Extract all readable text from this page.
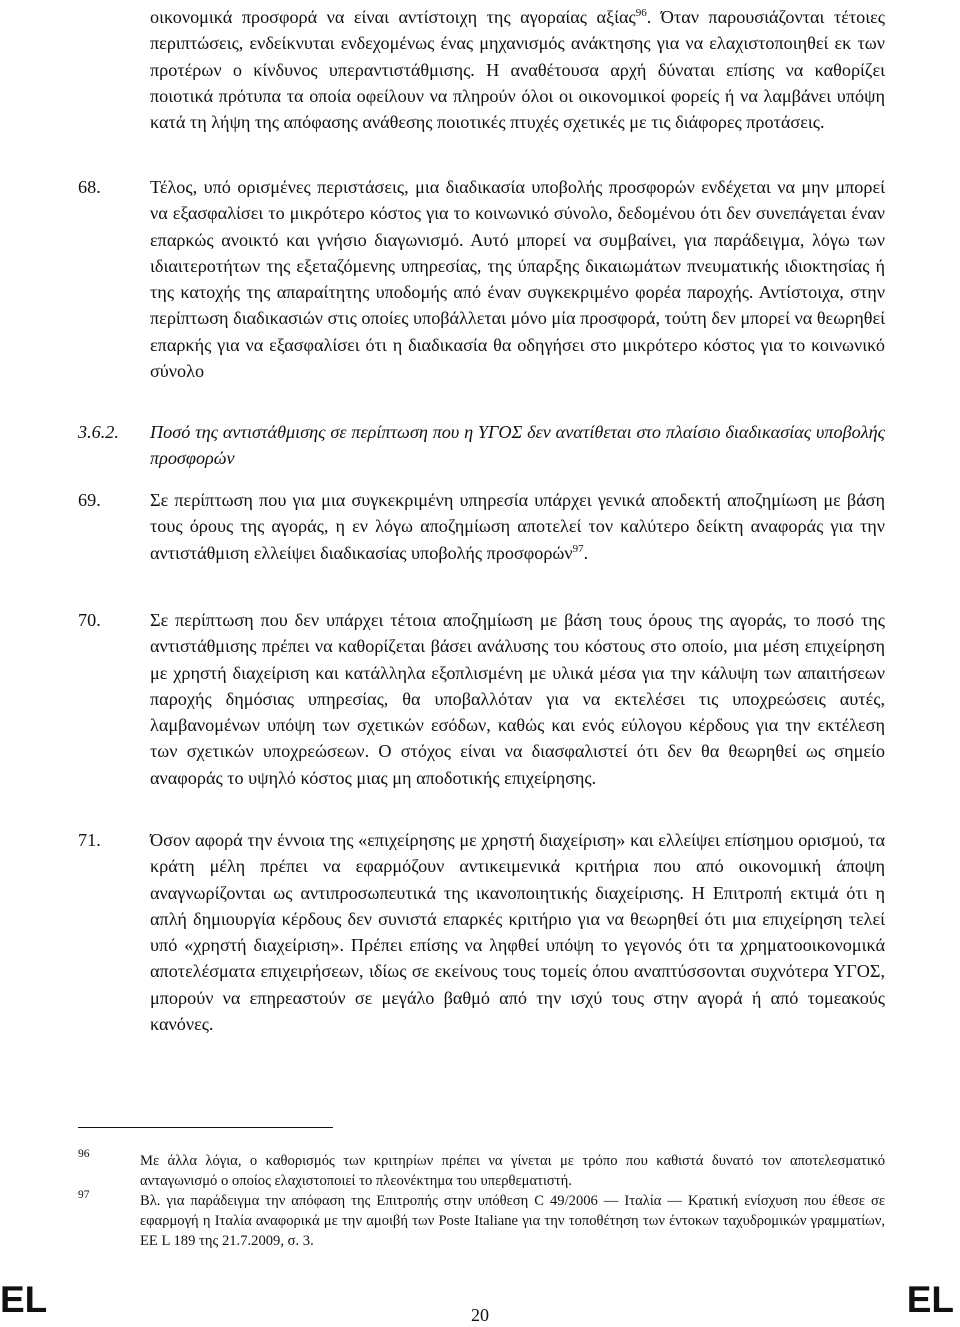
οικονομικά προσφορά να είναι αντίστοιχη της αγοραίας αξίας$^{96}$. Όταν παρουσιάζονται τέτοιες περιπτώσεις, ενδείκνυται ενδεχομένως ένας μηχανισμός ανάκτησης για να ελαχιστοποιηθεί εκ των προτέρων ο κίνδυνος υπεραντιστάθμισης. Η αναθέτουσα αρχή δύναται επίσης να καθορίζει ποιοτικά πρότυπα τα οποία οφείλουν να πληρούν όλοι οι οικονομικοί φορείς ή να λαμβάνει υπόψη κατά τη λήψη της απόφασης ανάθεσης ποιοτικές πτυχές σχετικές με τις διάφορες προτάσεις.
68.	Τέλος, υπό ορισμένες περιστάσεις, μια διαδικασία υποβολής προσφορών ενδέχεται να μην μπορεί να εξασφαλίσει το μικρότερο κόστος για το κοινωνικό σύνολο, δεδομένου ότι δεν συνεπάγεται έναν επαρκώς ανοικτό και γνήσιο διαγωνισμό. Αυτό μπορεί να συμβαίνει, για παράδειγμα, λόγω των ιδιαιτεροτήτων της εξεταζόμενης υπηρεσίας, της ύπαρξης δικαιωμάτων πνευματικής ιδιοκτησίας ή της κατοχής της απαραίτητης υποδομής από έναν συγκεκριμένο φορέα παροχής. Αντίστοιχα, στην περίπτωση διαδικασιών στις οποίες υποβάλλεται μόνο μία προσφορά, τούτη δεν μπορεί να θεωρηθεί επαρκής για να εξασφαλίσει ότι η διαδικασία θα οδηγήσει στο μικρότερο κόστος για το κοινωνικό σύνολο
3.6.2. Ποσό της αντιστάθμισης σε περίπτωση που η ΥΓΟΣ δεν ανατίθεται στο πλαίσιο διαδικασίας υποβολής προσφορών
69.	Σε περίπτωση που για μια συγκεκριμένη υπηρεσία υπάρχει γενικά αποδεκτή αποζημίωση με βάση τους όρους της αγοράς, η εν λόγω αποζημίωση αποτελεί τον καλύτερο δείκτη αναφοράς για την αντιστάθμιση ελλείψει διαδικασίας υποβολής προσφορών$^{97}$.
70.	Σε περίπτωση που δεν υπάρχει τέτοια αποζημίωση με βάση τους όρους της αγοράς, το ποσό της αντιστάθμισης πρέπει να καθορίζεται βάσει ανάλυσης του κόστους στο οποίο, μια μέση επιχείρηση με χρηστή διαχείριση και κατάλληλα εξοπλισμένη με υλικά μέσα για την κάλυψη των απαιτήσεων παροχής δημόσιας υπηρεσίας, θα υποβαλλόταν για να εκτελέσει τις υποχρεώσεις αυτές, λαμβανομένων υπόψη των σχετικών εσόδων, καθώς και ενός εύλογου κέρδους για την εκτέλεση των σχετικών υποχρεώσεων. Ο στόχος είναι να διασφαλιστεί ότι δεν θα θεωρηθεί ως σημείο αναφοράς το υψηλό κόστος μιας μη αποδοτικής επιχείρησης.
71.	Όσον αφορά την έννοια της «επιχείρησης με χρηστή διαχείριση» και ελλείψει επίσημου ορισμού, τα κράτη μέλη πρέπει να εφαρμόζουν αντικειμενικά κριτήρια που από οικονομική άποψη αναγνωρίζονται ως αντιπροσωπευτικά της ικανοποιητικής διαχείρισης. Η Επιτροπή εκτιμά ότι η απλή δημιουργία κέρδους δεν συνιστά επαρκές κριτήριο για να θεωρηθεί ότι μια επιχείρηση τελεί υπό «χρηστή διαχείριση». Πρέπει επίσης να ληφθεί υπόψη το γεγονός ότι τα χρηματοοικονομικά αποτελέσματα επιχειρήσεων, ιδίως σε εκείνους τους τομείς όπου αναπτύσσονται συχνότερα ΥΓΟΣ, μπορούν να επηρεαστούν σε μεγάλο βαθμό από την ισχύ τους στην αγορά ή από τομεακούς κανόνες.
96	Με άλλα λόγια, ο καθορισμός των κριτηρίων πρέπει να γίνεται με τρόπο που καθιστά δυνατό τον αποτελεσματικό ανταγωνισμό ο οποίος ελαχιστοποιεί το πλεονέκτημα του υπερθεματιστή.
97	Βλ. για παράδειγμα την απόφαση της Επιτροπής στην υπόθεση C 49/2006 — Ιταλία — Κρατική ενίσχυση που έθεσε σε εφαρμογή η Ιταλία αναφορικά με την αμοιβή των Poste Italiane για την τοποθέτηση των έντοκων ταχυδρομικών γραμματίων, ΕΕ L 189 της 21.7.2009, σ. 3.
EL	20	EL
